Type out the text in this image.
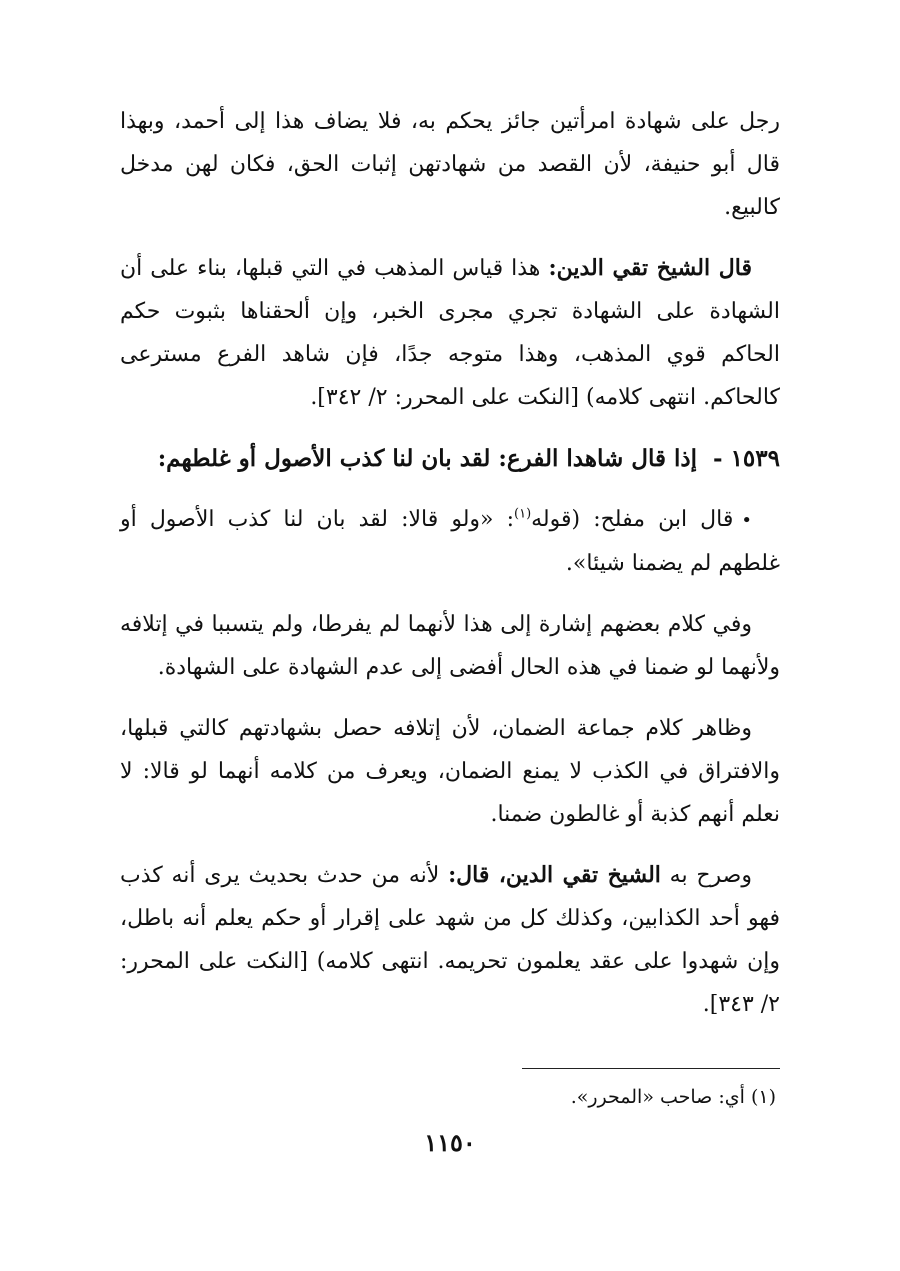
رجل على شهادة امرأتين جائز يحكم به، فلا يضاف هذا إلى أحمد، وبهذا قال أبو حنيفة، لأن القصد من شهادتهن إثبات الحق، فكان لهن مدخل كالبيع.

قال الشيخ تقي الدين: هذا قياس المذهب في التي قبلها، بناء على أن الشهادة على الشهادة تجري مجرى الخبر، وإن ألحقناها بثبوت حكم الحاكم قوي المذهب، وهذا متوجه جدًا، فإن شاهد الفرع مسترعى كالحاكم. انتهى كلامه) [النكت على المحرر: ٢/ ٣٤٢].

١٥٣٩ -  إذا قال شاهدا الفرع: لقد بان لنا كذب الأصول أو غلطهم:

•قال ابن مفلح: (قوله$^{(١)}$: «ولو قالا: لقد بان لنا كذب الأصول أو غلطهم لم يضمنا شيئا».

وفي كلام بعضهم إشارة إلى هذا لأنهما لم يفرطا، ولم يتسببا في إتلافه ولأنهما لو ضمنا في هذه الحال أفضى إلى عدم الشهادة على الشهادة.

وظاهر كلام جماعة الضمان، لأن إتلافه حصل بشهادتهم كالتي قبلها، والافتراق في الكذب لا يمنع الضمان، ويعرف من كلامه أنهما لو قالا: لا نعلم أنهم كذبة أو غالطون ضمنا.

وصرح به الشيخ تقي الدين، قال: لأنه من حدث بحديث يرى أنه كذب فهو أحد الكذابين، وكذلك كل من شهد على إقرار أو حكم يعلم أنه باطل، وإن شهدوا على عقد يعلمون تحريمه. انتهى كلامه) [النكت على المحرر: ٢/ ٣٤٣].

(١) أي: صاحب «المحرر».
١١٥٠
